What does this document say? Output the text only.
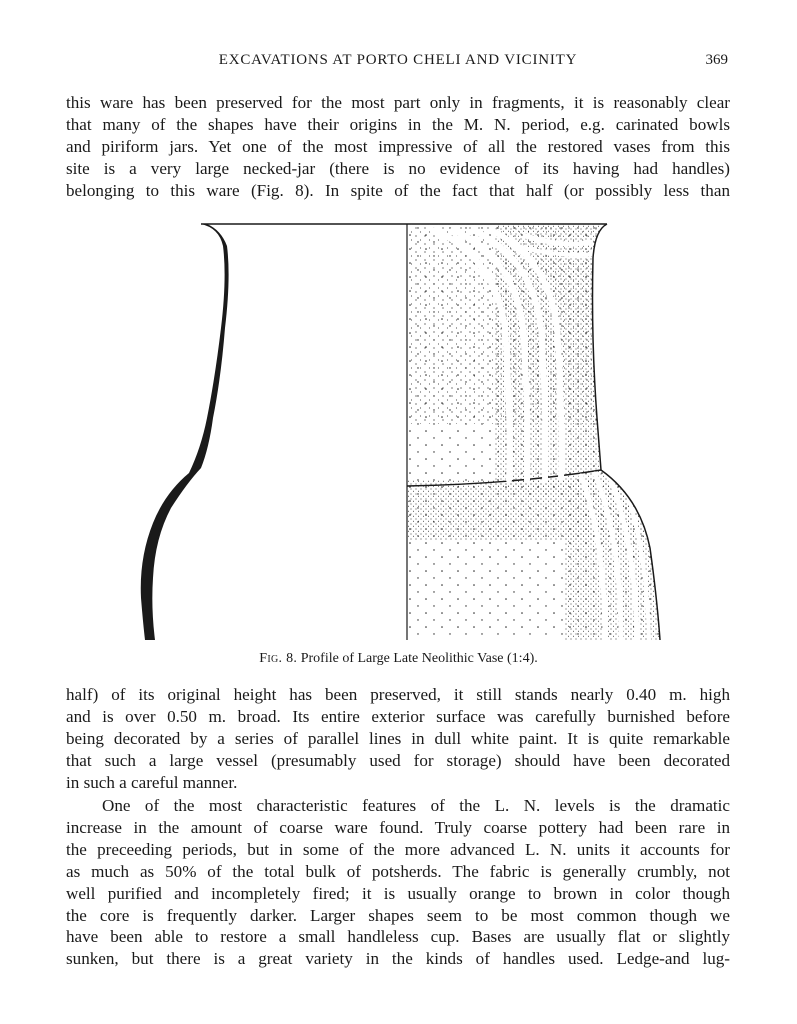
EXCAVATIONS AT PORTO CHELI AND VICINITY	369

this ware has been preserved for the most part only in fragments, it is reasonably clear
that many of the shapes have their origins in the M. N. period, e.g. carinated bowls
and piriform jars. Yet one of the most impressive of all the restored vases from this
site is a very large necked-jar (there is no evidence of its having had handles)
belonging to this ware (Fig. 8). In spite of the fact that half (or possibly less than

Fig. 8. Profile of Large Late Neolithic Vase (1:4).

half) of its original height has been preserved, it still stands nearly 0.40 m. high
and is over 0.50 m. broad. Its entire exterior surface was carefully burnished before
being decorated by a series of parallel lines in dull white paint. It is quite remarkable
that such a large vessel (presumably used for storage) should have been decorated
in such a careful manner.

One of the most characteristic features of the L. N. levels is the dramatic
increase in the amount of coarse ware found. Truly coarse pottery had been rare in
the preceeding periods, but in some of the more advanced L. N. units it accounts for
as much as 50% of the total bulk of potsherds. The fabric is generally crumbly, not
well purified and incompletely fired; it is usually orange to brown in color though
the core is frequently darker. Larger shapes seem to be most common though we
have been able to restore a small handleless cup. Bases are usually flat or slightly
sunken, but there is a great variety in the kinds of handles used. Ledge-and lug-
